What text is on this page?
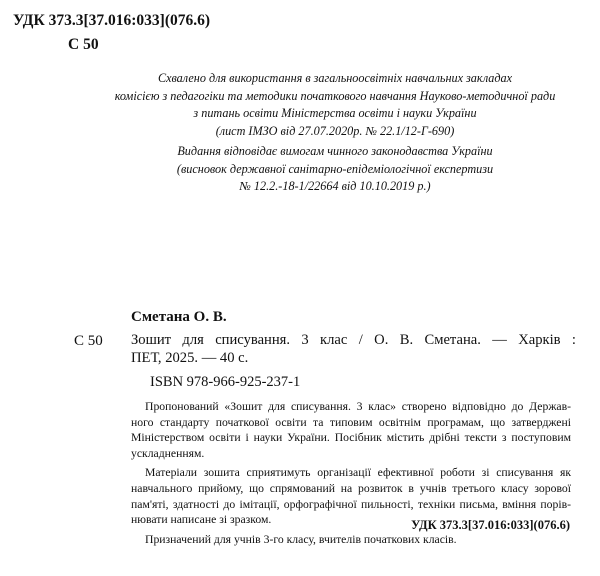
УДК 373.3[37.016:033](076.6)
С 50
Схвалено для використання в загальноосвітніх навчальних закладах
комісією з педагогіки та методики початкового навчання Науково-методичної ради
з питань освіти Міністерства освіти і науки України
(лист ІМЗО від 27.07.2020р. № 22.1/12-Г-690)
Видання відповідає вимогам чинного законодавства України
(висновок державної санітарно-епідеміологічної експертизи
№ 12.2.-18-1/22664 від 10.10.2019 р.)
Сметана О. В.
С 50 Зошит для списування. 3 клас / О. В. Сметана. — Харків :
ПЕТ, 2025. — 40 с.
ISBN 978-966-925-237-1
Пропонований «Зошит для списування. 3 клас» створено відповідно до Держав-
ного стандарту початкової освіти та типовим освітнім програмам, що затверджені
Міністерством освіти і науки України. Посібник містить дрібні тексти з поступовим
ускладненням.
Матеріали зошита сприятимуть організації ефективної роботи зі списування як
навчального прийому, що спрямований на розвиток в учнів третього класу зорової
пам'яті, здатності до імітації, орфографічної пильності, техніки письма, вміння порів-
нювати написане зі зразком.
Призначений для учнів 3-го класу, вчителів початкових класів.
УДК 373.3[37.016:033](076.6)
